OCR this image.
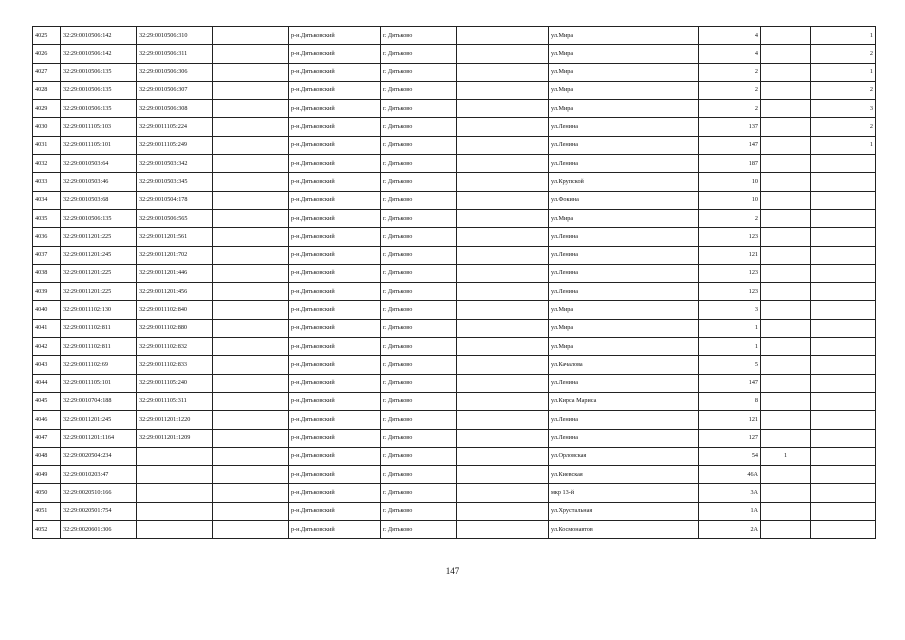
4025	32:29:0010506:142	32:29:0010506:310		р-н.Дятьковский	г. Дятьково		ул.Мира	4		1
4026	32:29:0010506:142	32:29:0010506:311		р-н.Дятьковский	г. Дятьково		ул.Мира	4		2
4027	32:29:0010506:135	32:29:0010506:306		р-н.Дятьковский	г. Дятьково		ул.Мира	2		1
4028	32:29:0010506:135	32:29:0010506:307		р-н.Дятьковский	г. Дятьково		ул.Мира	2		2
4029	32:29:0010506:135	32:29:0010506:308		р-н.Дятьковский	г. Дятьково		ул.Мира	2		3
4030	32:29:0011105:103	32:29:0011105:224		р-н.Дятьковский	г. Дятьково		ул.Ленина	137		2
4031	32:29:0011105:101	32:29:0011105:249		р-н.Дятьковский	г. Дятьково		ул.Ленина	147		1
4032	32:29:0010503:64	32:29:0010503:342		р-н.Дятьковский	г. Дятьково		ул.Ленина	187		
4033	32:29:0010503:46	32:29:0010503:345		р-н.Дятьковский	г. Дятьково		ул.Крупской	10		
4034	32:29:0010503:68	32:29:0010504:178		р-н.Дятьковский	г. Дятьково		ул.Фокина	10		
4035	32:29:0010506:135	32:29:0010506:565		р-н.Дятьковский	г. Дятьково		ул.Мира	2		
4036	32:29:0011201:225	32:29:0011201:561		р-н.Дятьковский	г. Дятьково		ул.Ленина	123		
4037	32:29:0011201:245	32:29:0011201:702		р-н.Дятьковский	г. Дятьково		ул.Ленина	121		
4038	32:29:0011201:225	32:29:0011201:446		р-н.Дятьковский	г. Дятьково		ул.Ленина	123		
4039	32:29:0011201:225	32:29:0011201:456		р-н.Дятьковский	г. Дятьково		ул.Ленина	123		
4040	32:29:0011102:130	32:29:0011102:840		р-н.Дятьковский	г. Дятьково		ул.Мира	3		
4041	32:29:0011102:811	32:29:0011102:880		р-н.Дятьковский	г. Дятьково		ул.Мира	1		
4042	32:29:0011102:811	32:29:0011102:832		р-н.Дятьковский	г. Дятьково		ул.Мира	1		
4043	32:29:0011102:69	32:29:0011102:833		р-н.Дятьковский	г. Дятьково		ул.Качалова	5		
4044	32:29:0011105:101	32:29:0011105:240		р-н.Дятьковский	г. Дятьково		ул.Ленина	147		
4045	32:29:0010704:188	32:29:0011105:311		р-н.Дятьковский	г. Дятьково		ул.Кирса Мариса	8		
4046	32:29:0011201:245	32:29:0011201:1220		р-н.Дятьковский	г. Дятьково		ул.Ленина	121		
4047	32:29:0011201:1164	32:29:0011201:1209		р-н.Дятьковский	г. Дятьково		ул.Ленина	127		
4048	32:29:0020504:234			р-н.Дятьковский	г. Дятьково		ул.Орловская	54	1	
4049	32:29:0010203:47			р-н.Дятьковский	г. Дятьково		ул.Киевская	46А		
4050	32:29:0020510:166			р-н.Дятьковский	г. Дятьково		мкр 13-й	3А		
4051	32:29:0020501:754			р-н.Дятьковский	г. Дятьково		ул.Хрустальная	1А		
4052	32:29:0020601:306			р-н.Дятьковский	г. Дятьково		ул.Космонавтов	2А		
147
